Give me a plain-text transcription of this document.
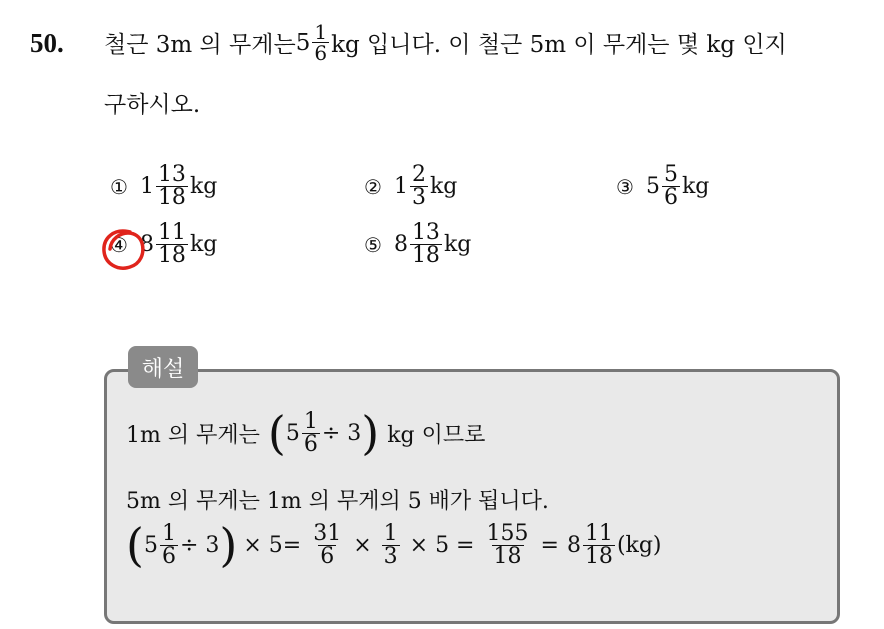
50. 철근 3m 의 무게는 $5 \frac{1}{6}$ kg 입니다. 이 철근 5m 이 무게는 몇 kg 인지
구하시오.
① $1 \frac{13}{18}$ kg	② $1 \frac{2}{3}$ kg	③ $5 \frac{5}{6}$ kg
④ $8 \frac{11}{18}$ kg	⑤ $8 \frac{13}{18}$ kg
해설
1m 의 무게는 ( $5 \frac{1}{6} \div 3$ ) kg 이므로
5m 의 무게는 1m 의 무게의 5 배가 됩니다.
( $5 \frac{1}{6} \div 3$ ) × $5= \frac{31}{6} \times \frac{1}{3} \times 5 = \frac{155}{18} = 8 \frac{11}{18} (kg)$
